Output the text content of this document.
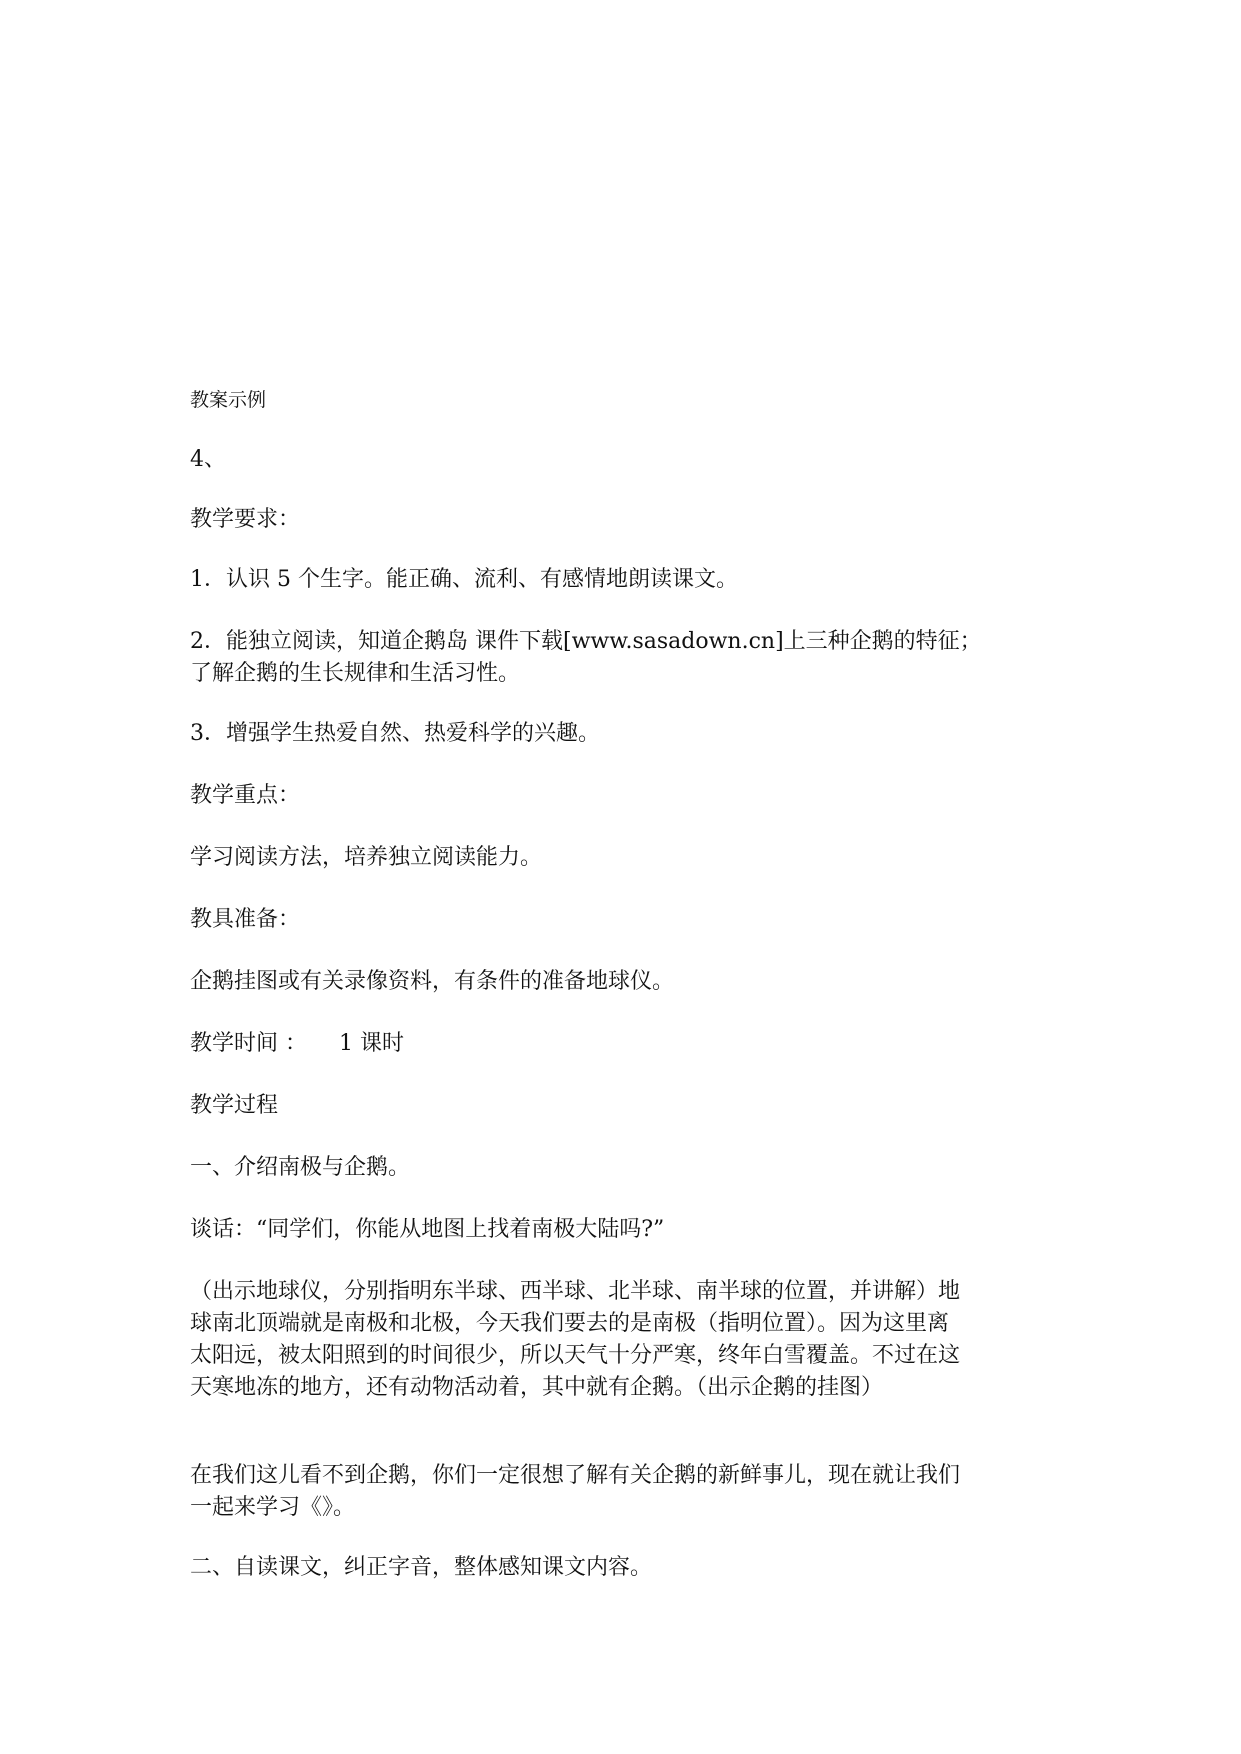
教案示例
4、
教学要求：
1．认识 5 个生字。能正确、流利、有感情地朗读课文。
2．能独立阅读，知道企鹅岛 课件下载[www.sasadown.cn]上三种企鹅的特征；
了解企鹅的生长规律和生活习性。
3．增强学生热爱自然、热爱科学的兴趣。
教学重点：
学习阅读方法，培养独立阅读能力。
教具准备：
企鹅挂图或有关录像资料，有条件的准备地球仪。
教学时间 ： 1 课时
教学过程
一、介绍南极与企鹅。
谈话：“同学们，你能从地图上找着南极大陆吗?”
（出示地球仪，分别指明东半球、西半球、北半球、南半球的位置，并讲解）地
球南北顶端就是南极和北极，今天我们要去的是南极（指明位置）。因为这里离
太阳远，被太阳照到的时间很少，所以天气十分严寒，终年白雪覆盖。不过在这
天寒地冻的地方，还有动物活动着，其中就有企鹅。（出示企鹅的挂图）
在我们这儿看不到企鹅，你们一定很想了解有关企鹅的新鲜事儿，现在就让我们
一起来学习《》。
二、自读课文，纠正字音，整体感知课文内容。
